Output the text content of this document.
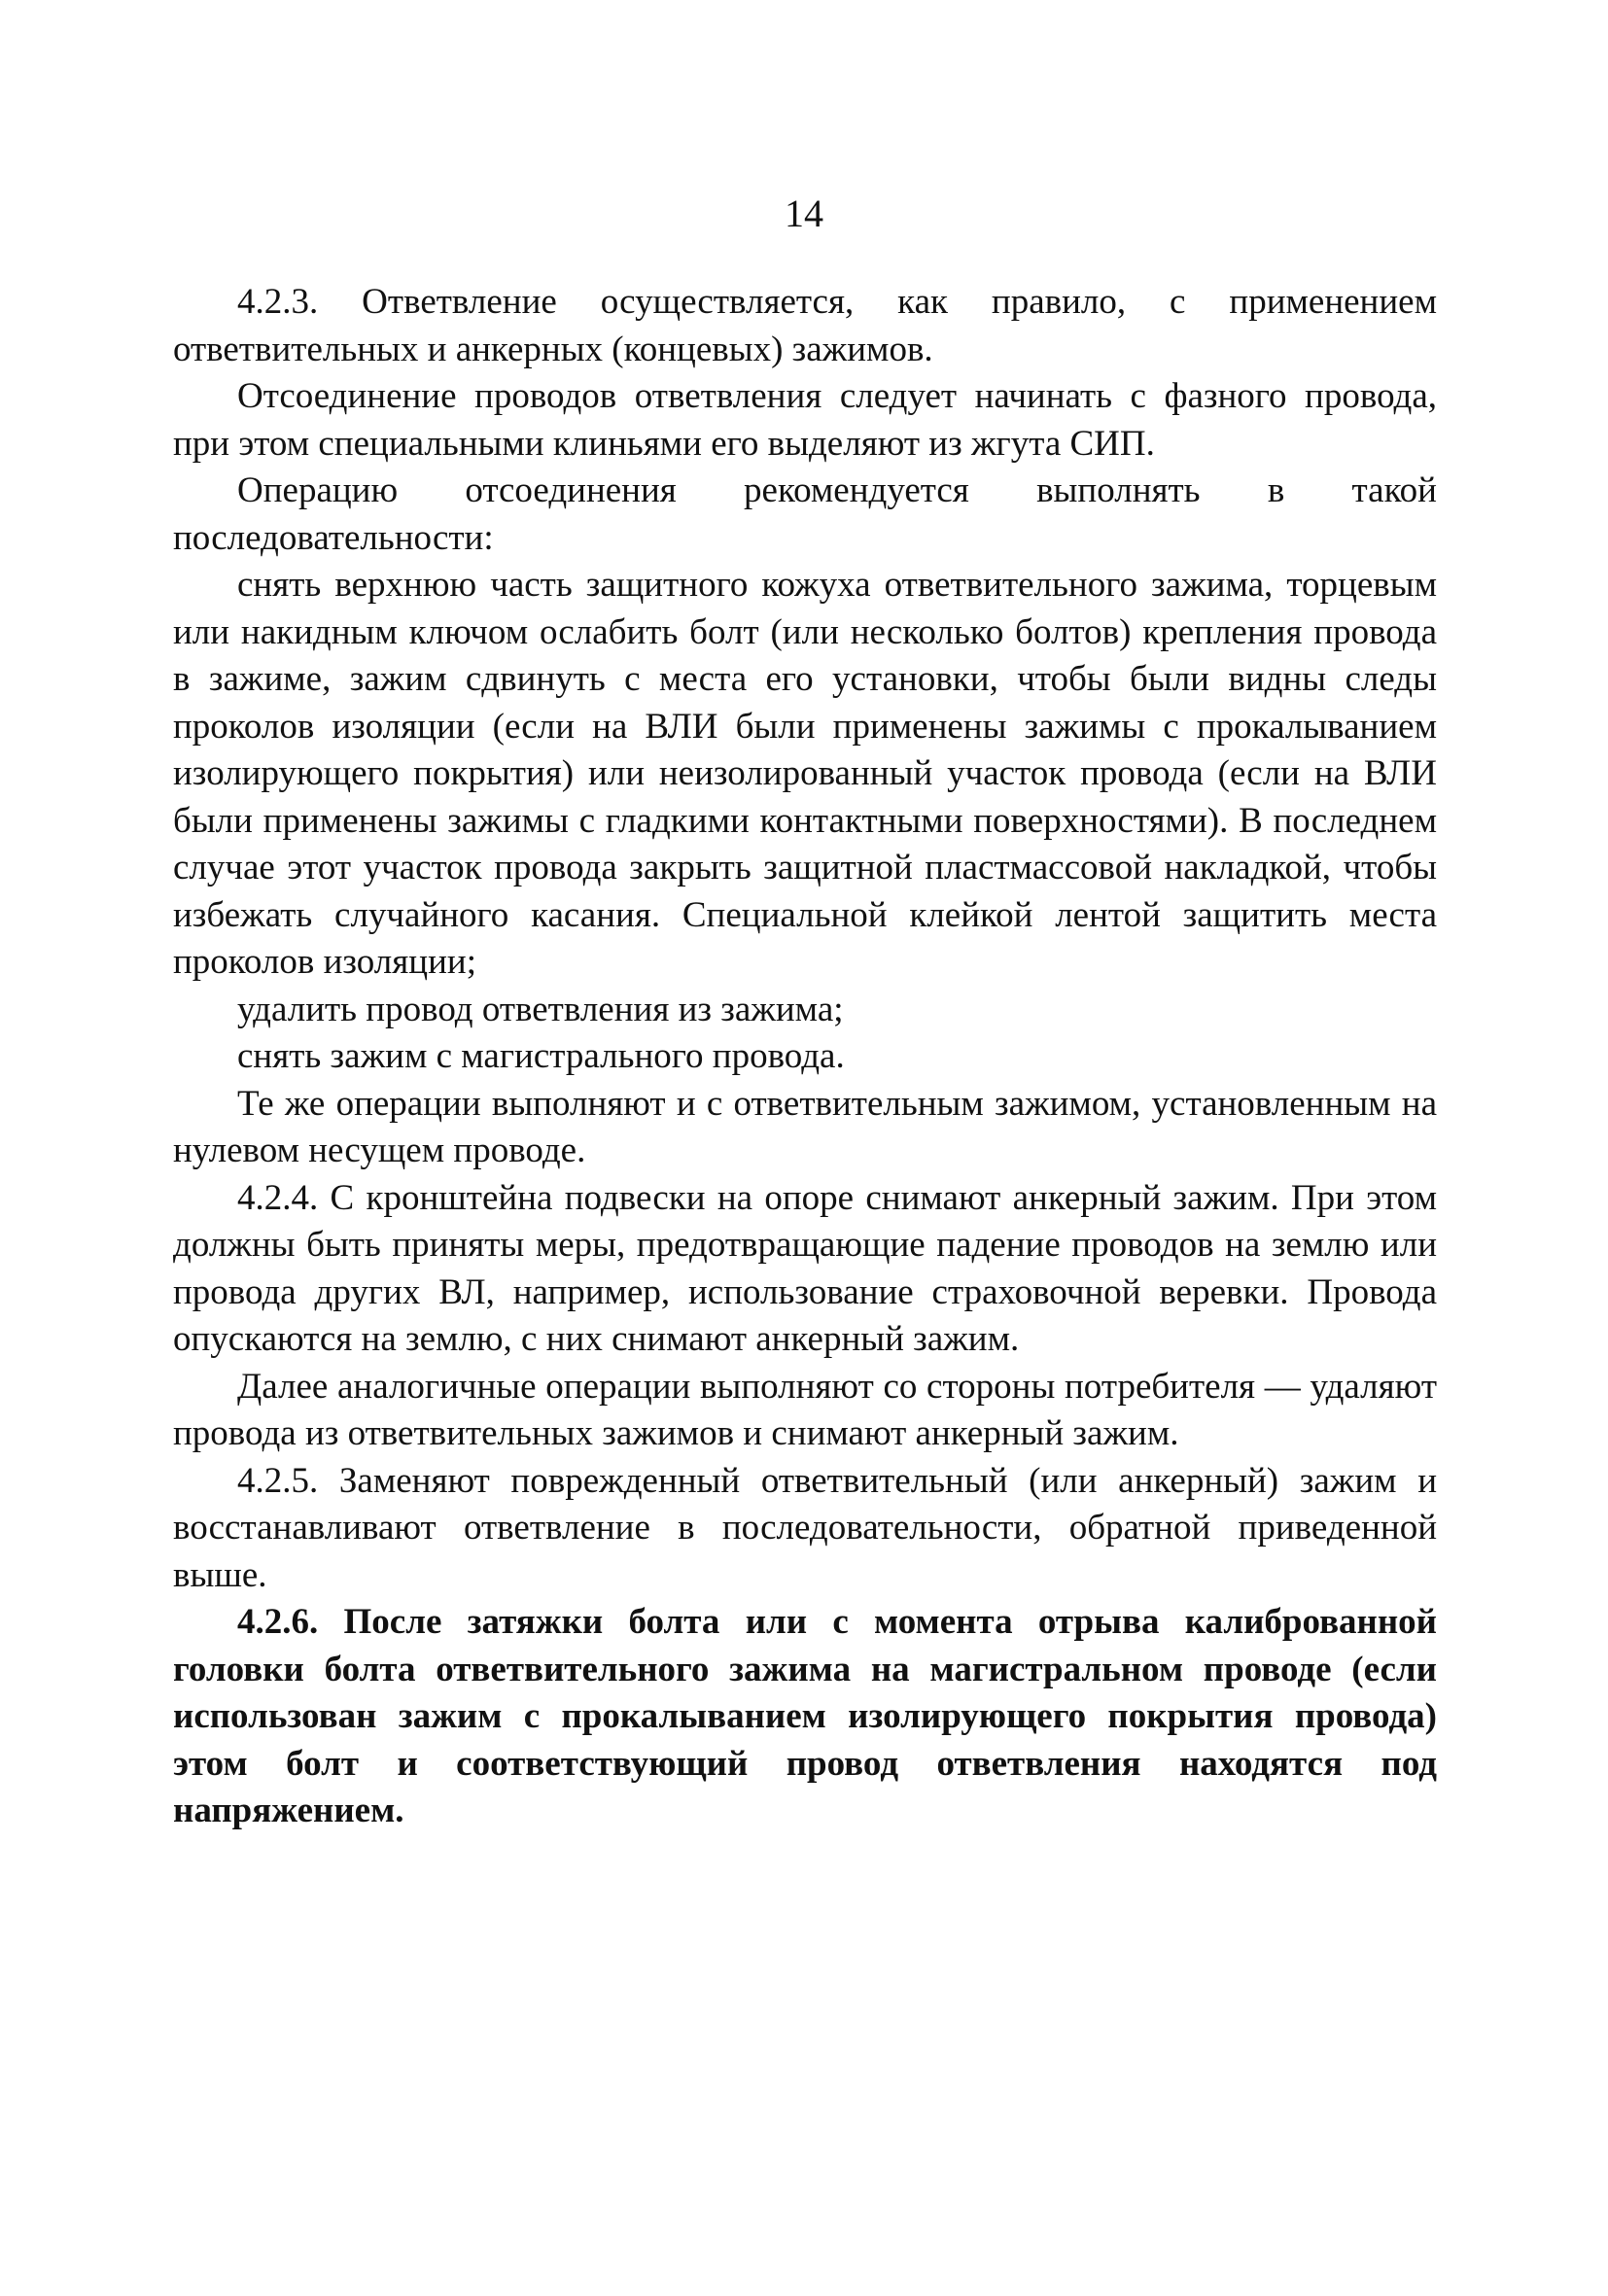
14

4.2.3. Ответвление осуществляется, как правило, с применением ответвительных и анкерных (концевых) зажимов.

Отсоединение проводов ответвления следует начинать с фазного провода, при этом специальными клиньями его выделяют из жгута СИП.

Операцию отсоединения рекомендуется выполнять в такой последовательности:

снять верхнюю часть защитного кожуха ответвительного зажима, торцевым или накидным ключом ослабить болт (или несколько болтов) крепления провода в зажиме, зажим сдвинуть с места его установки, чтобы были видны следы проколов изоляции (если на ВЛИ были применены зажимы с прокалыванием изолирующего покрытия) или неизолированный участок провода (если на ВЛИ были применены зажимы с гладкими контактными поверхностями). В последнем случае этот участок провода закрыть защитной пластмассовой накладкой, чтобы избежать случайного касания. Специальной клейкой лентой защитить места проколов изоляции;

удалить провод ответвления из зажима;

снять зажим с магистрального провода.

Те же операции выполняют и с ответвительным зажимом, установленным на нулевом несущем проводе.

4.2.4. С кронштейна подвески на опоре снимают анкерный зажим. При этом должны быть приняты меры, предотвращающие падение проводов на землю или провода других ВЛ, например, использование страховочной веревки. Провода опускаются на землю, с них снимают анкерный зажим.

Далее аналогичные операции выполняют со стороны потребителя — удаляют провода из ответвительных зажимов и снимают анкерный зажим.

4.2.5. Заменяют поврежденный ответвительный (или анкерный) зажим и восстанавливают ответвление в последовательности, обратной приведенной выше.

4.2.6. После затяжки болта или с момента отрыва калиброванной головки болта ответвительного зажима на магистральном проводе (если использован зажим с прокалыванием изолирующего покрытия провода) этом болт и соответствующий провод ответвления находятся под напряжением.
